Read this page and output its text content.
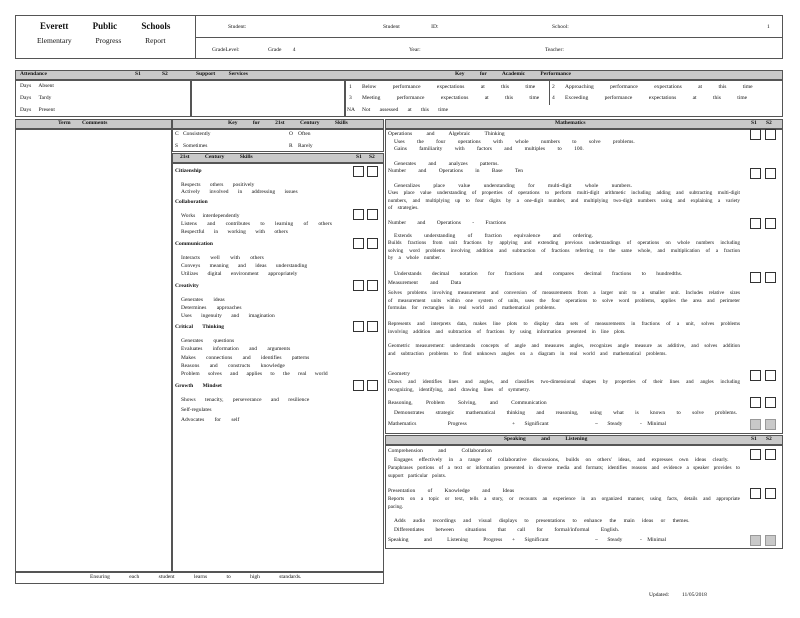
Everett Public Schools
Elementary Progress Report
Student:	Student ID:	School:	1
GradeLevel:	Grade 4	Year:	Teacher:
Attendance	S1	S2	Support Services	Key for Academic Performance
Days Absent
Days Tardy
Days Present
1 Below performance expectations at this time	2 Approaching performance expectations at this time
3 Meeting performance expectations at this time 4 Exceeding performance expectations at this time
NA Not assessed at this time
Term Comments	Key for 21st Century Skills
C Consistently	O Often
S Sometimes	R Rarely
21st Century Skills	S1 S2
Citizenship
Respects others positively
Actively involved in addressing issues
Collaboration
Works interdependently
Listens and contributes to learning of others
Respectful in working with others
Communication
Interacts well with others
Conveys meaning and ideas understanding
Utilizes digital environment appropriately
Creativity
Generates ideas
Determines approaches
Uses ingenuity and imagination
Critical Thinking
Generates questions
Evaluates information and arguments
Makes connections and identifies patterns
Reasons and constructs knowledge
Problem solves and applies to the real world
Growth Mindset
Shows tenacity, perseverance and resilience
Self-regulates
Advocates for self
Ensuring each student learns to high standards.
Updated: 11/05/2018
Mathematics	S1 S2
Operations and Algebraic Thinking
Uses the four operations with whole numbers to solve problems.
Gains familiarity with factors and multiples to 100.
Generates and analyzes patterns.
Number and Operations in Base Ten
Generalizes place value understanding for multi-digit whole numbers.
Uses place value understanding of properties of operations to perform multi-digit arithmetic including adding and subtracting multi-digit numbers, and multiplying up to four digits by a one-digit number, and multiplying two-digit numbers using and explaining a variety of strategies.
Number and Operations - Fractions
Extends understanding of fraction equivalence and ordering.
Builds fractions from unit fractions by applying and extending previous understandings of operations on whole numbers including solving word problems involving addition and subtraction of fractions referring to the same whole, and multiplication of a fraction by a whole number.
Understands decimal notation for fractions and compares decimal fractions to hundredths.
Measurement and Data
Solves problems involving measurement and conversion of measurements from a larger unit to a smaller unit. Includes relative sizes of measurement units within one system of units, uses the four operations to solve word problems, applies the area and perimeter formulas for rectangles in real world and mathematical problems.
Represents and interprets data, makes line plots to display data sets of measurements in fractions of a unit, solves problems involving addition and subtraction of fractions by using information presented in line plots.
Geometric measurement: understands concepts of angle and measures angles, recognizes angle measure as additive, and solves addition and subtraction problems to find unknown angles on a diagram in real world and mathematical problems.
Geometry
Draws and identifies lines and angles, and classifies two-dimensional shapes by properties of their lines and angles including recognizing, identifying, and drawing lines of symmetry.
Reasoning, Problem Solving, and Communication
Demonstrates strategic mathematical thinking and reasoning, using what is known to solve problems.
Mathematics Progress	+ Significant	~ Steady	- Minimal
Speaking and Listening	S1 S2
Comprehension and Collaboration
Engages effectively in a range of collaborative discussions, builds on others' ideas, and expresses own ideas clearly.
Paraphrases portions of a text or information presented in diverse media and formats; identifies reasons and evidence a speaker provides to support particular points.
Presentation of Knowledge and Ideas
Reports on a topic or text, tells a story, or recounts an experience in an organized manner, using facts, details and appropriate pacing.
Adds audio recordings and visual displays to presentations to enhance the main ideas or themes.
Differentiates between situations that call for formal/informal English.
Speaking and Listening Progress + Significant	~ Steady	- Minimal
